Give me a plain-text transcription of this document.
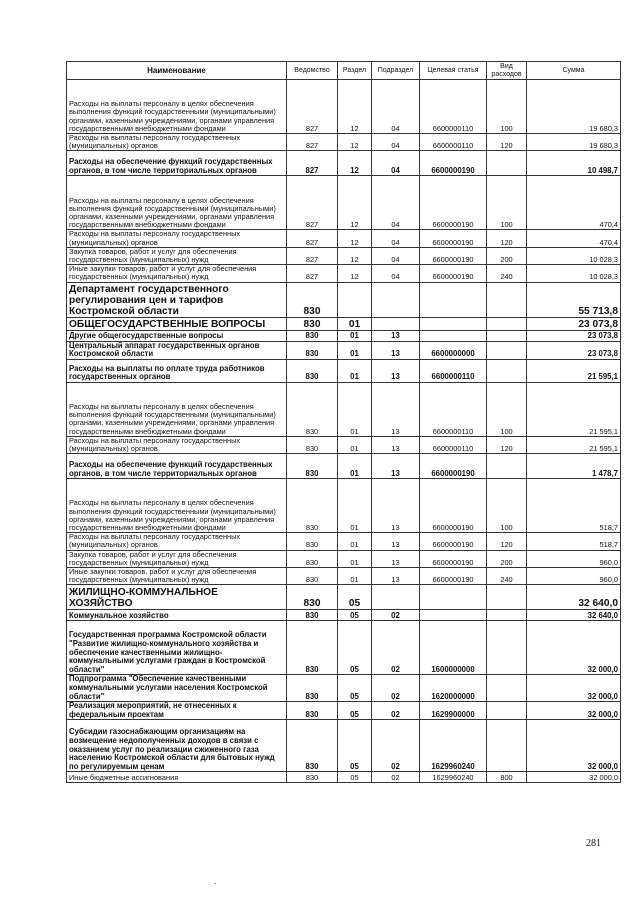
Наименование	Ведомство	Раздел	Подраздел	Целевая статья	Вид расходов	Сумма
Расходы на выплаты персоналу в целях обеспечения выполнения функций государственными (муниципальными) органами, казенными учреждениями, органами управления государственными внебюджетными фондами	827	12	04	6600000110	100	19 680,3
Расходы на выплаты персоналу государственных (муниципальных) органов	827	12	04	6600000110	120	19 680,3
Расходы на обеспечение функций государственных органов, в том числе территориальных органов	827	12	04	6600000190		10 498,7
Расходы на выплаты персоналу в целях обеспечения выполнения функций государственными (муниципальными) органами, казенными учреждениями, органами управления государственными внебюджетными фондами	827	12	04	6600000190	100	470,4
Расходы на выплаты персоналу государственных (муниципальных) органов	827	12	04	6600000190	120	470,4
Закупка товаров, работ и услуг для обеспечения государственных (муниципальных) нужд	827	12	04	6600000190	200	10 028,3
Иные закупки товаров, работ и услуг для обеспечения государственных (муниципальных) нужд	827	12	04	6600000190	240	10 028,3
Департамент государственного регулирования цен и тарифов Костромской области	830					55 713,8
ОБЩЕГОСУДАРСТВЕННЫЕ ВОПРОСЫ	830	01				23 073,8
Другие общегосударственные вопросы	830	01	13			23 073,8
Центральный аппарат государственных органов Костромской области	830	01	13	6600000000		23 073,8
Расходы на выплаты по оплате труда работников государственных органов	830	01	13	6600000110		21 595,1
Расходы на выплаты персоналу в целях обеспечения выполнения функций государственными (муниципальными) органами, казенными учреждениями, органами управления государственными внебюджетными фондами	830	01	13	6600000110	100	21 595,1
Расходы на выплаты персоналу государственных (муниципальных) органов	830	01	13	6600000110	120	21 595,1
Расходы на обеспечение функций государственных органов, в том числе территориальных органов	830	01	13	6600000190		1 478,7
Расходы на выплаты персоналу в целях обеспечения выполнения функций государственными (муниципальными) органами, казенными учреждениями, органами управления государственными внебюджетными фондами	830	01	13	6600000190	100	518,7
Расходы на выплаты персоналу государственных (муниципальных) органов	830	01	13	6600000190	120	518,7
Закупка товаров, работ и услуг для обеспечения государственных (муниципальных) нужд	830	01	13	6600000190	200	960,0
Иные закупки товаров, работ и услуг для обеспечения государственных (муниципальных) нужд	830	01	13	6600000190	240	960,0
ЖИЛИЩНО-КОММУНАЛЬНОЕ ХОЗЯЙСТВО	830	05				32 640,0
Коммунальное хозяйство	830	05	02			32 640,0
Государственная программа Костромской области "Развитие жилищно-коммунального хозяйства и обеспечение качественными жилищно-коммунальными услугами граждан в Костромской области"	830	05	02	1600000000		32 000,0
Подпрограмма "Обеспечение качественными коммунальными услугами населения Костромской области"	830	05	02	1620000000		32 000,0
Реализация мероприятий, не отнесенных к федеральным проектам	830	05	02	1629900000		32 000,0
Субсидии газоснабжающим организациям на возмещение недополученных доходов в связи с оказанием услуг по реализации сжиженного газа населению Костромской области для бытовых нужд по регулируемым ценам	830	05	02	1629960240		32 000,0
Иные бюджетные ассигнования	830	05	02	1629960240	800	32 000,0
281
